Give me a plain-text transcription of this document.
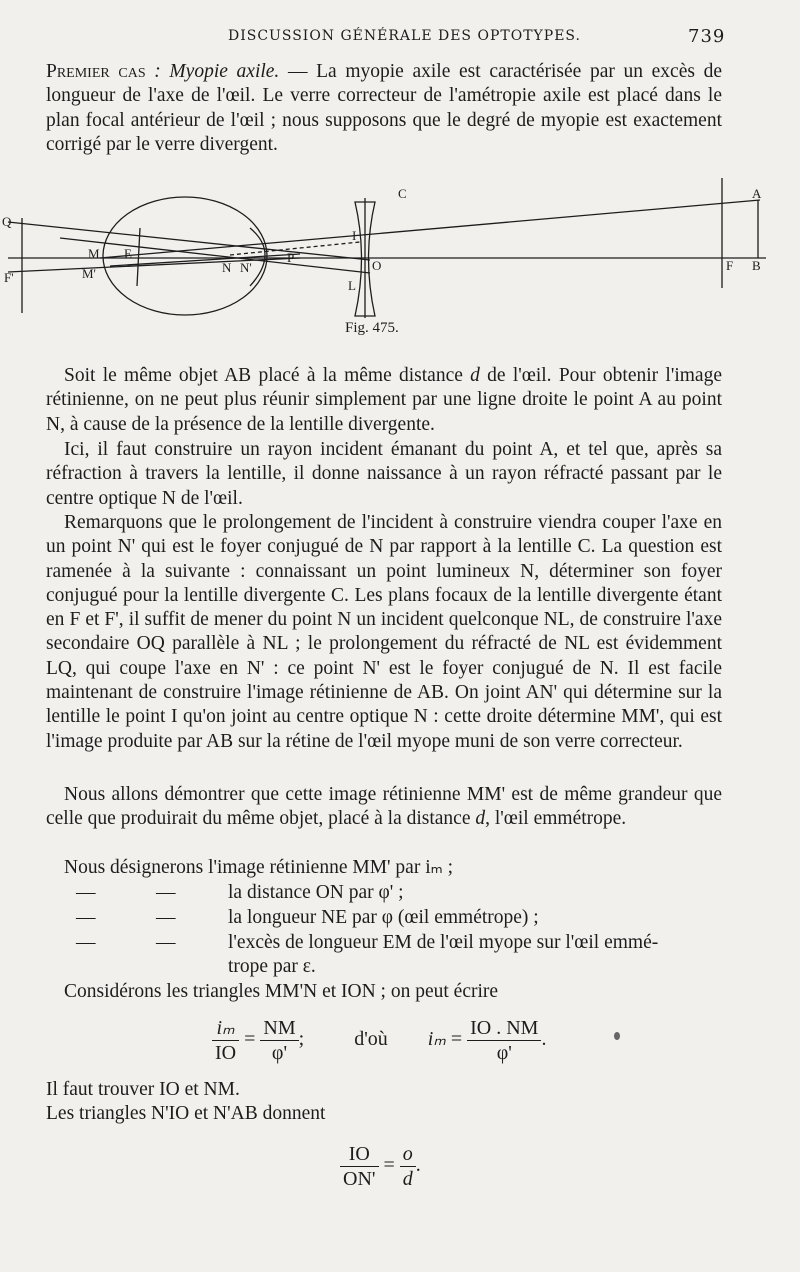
DISCUSSION GÉNÉRALE DES OPTOTYPES.	739
Premier cas : Myopie axile. — La myopie axile est caractérisée par un excès de longueur de l'axe de l'œil. Le verre correcteur de l'amétropie axile est placé dans le plan focal antérieur de l'œil ; nous supposons que le degré de myopie est exactement corrigé par le verre divergent.
Q
F'
M
M'
E
N N'
P
I
O
L
C	A
F B
Fig. 475.
Soit le même objet AB placé à la même distance d de l'œil. Pour obtenir l'image rétinienne, on ne peut plus réunir simplement par une ligne droite le point A au point N, à cause de la présence de la lentille divergente.
Ici, il faut construire un rayon incident émanant du point A, et tel que, après sa réfraction à travers la lentille, il donne naissance à un rayon réfracté passant par le centre optique N de l'œil.
Remarquons que le prolongement de l'incident à construire viendra couper l'axe en un point N' qui est le foyer conjugué de N par rapport à la lentille C. La question est ramenée à la suivante : connaissant un point lumineux N, déterminer son foyer conjugué pour la lentille divergente C. Les plans focaux de la lentille divergente étant en F et F', il suffit de mener du point N un incident quelconque NL, de construire l'axe secondaire OQ parallèle à NL ; le prolongement du réfracté de NL est évidemment LQ, qui coupe l'axe en N' : ce point N' est le foyer conjugué de N. Il est facile maintenant de construire l'image rétinienne de AB. On joint AN' qui détermine sur la lentille le point I qu'on joint au centre optique N : cette droite détermine MM', qui est l'image produite par AB sur la rétine de l'œil myope muni de son verre correcteur.
Nous allons démontrer que cette image rétinienne MM' est de même grandeur que celle que produirait du même objet, placé à la distance d, l'œil emmétrope.
Nous désignerons l'image rétinienne MM' par iₘ ;
—	—	la distance ON par φ' ;
—	—	la longueur NE par φ (œil emmétrope) ;
—	—	l'excès de longueur EM de l'œil myope sur l'œil emmé-
trope par ε.
Considérons les triangles MM'N et ION ; on peut écrire
$\frac{\text{iₘ}}{IO} = \frac{NM}{\varphi'}$ ;	d'où $i_m = \frac{IO . NM}{\varphi'}$ .
Il faut trouver IO et NM.
Les triangles N'IO et N'AB donnent
$\frac{IO}{ON'} = \frac{o}{d}$ .
